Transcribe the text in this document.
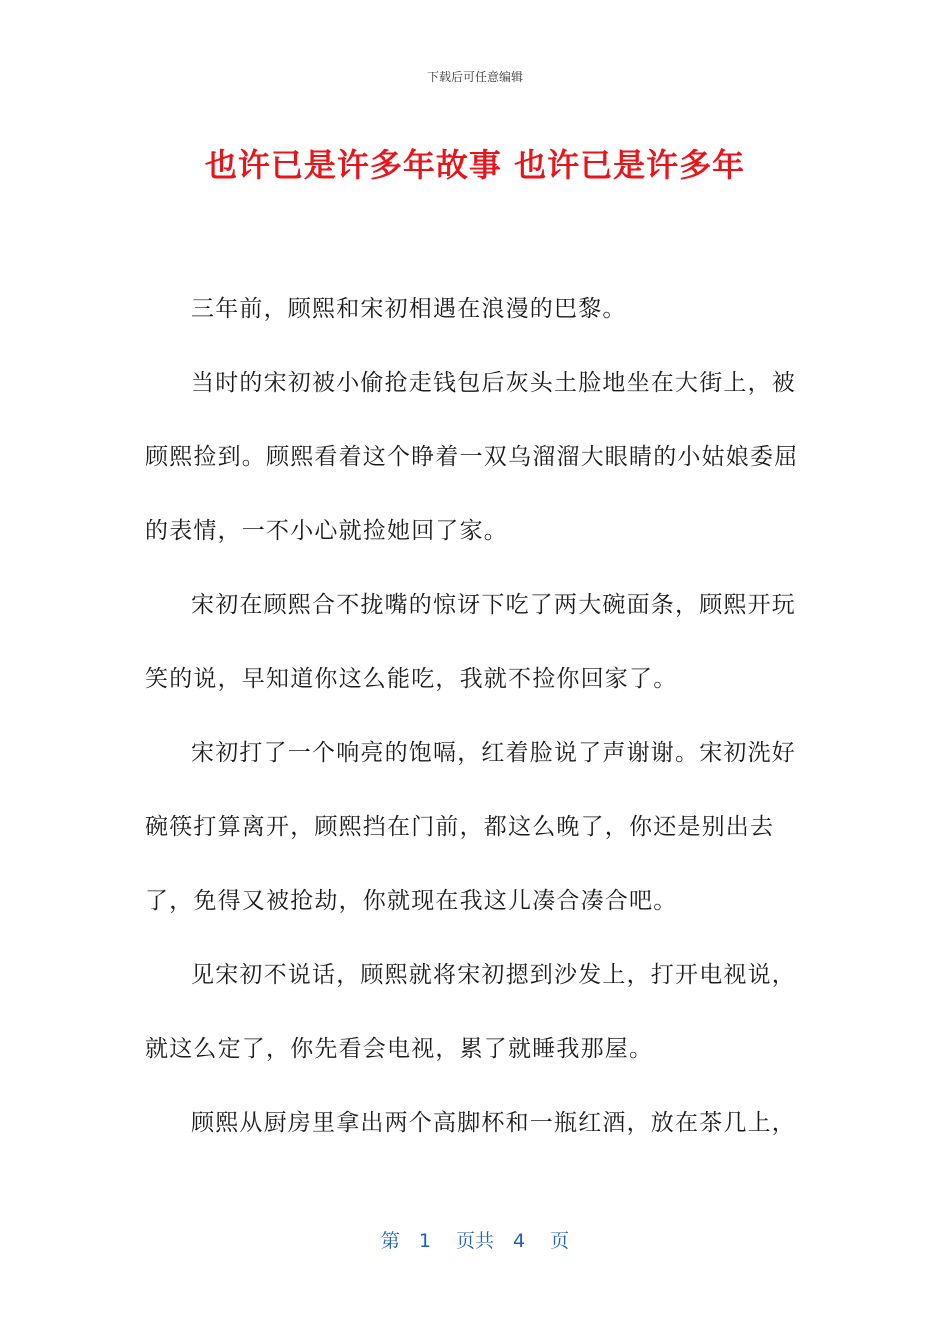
下载后可任意编辑
也许已是许多年故事 也许已是许多年

三年前，顾熙和宋初相遇在浪漫的巴黎。

当时的宋初被小偷抢走钱包后灰头土脸地坐在大街上，被顾熙捡到。顾熙看着这个睁着一双乌溜溜大眼睛的小姑娘委屈的表情，一不小心就捡她回了家。

宋初在顾熙合不拢嘴的惊讶下吃了两大碗面条，顾熙开玩笑的说，早知道你这么能吃，我就不捡你回家了。

宋初打了一个响亮的饱嗝，红着脸说了声谢谢。宋初洗好碗筷打算离开，顾熙挡在门前，都这么晚了，你还是别出去了，免得又被抢劫，你就现在我这儿凑合凑合吧。

见宋初不说话，顾熙就将宋初摁到沙发上，打开电视说，就这么定了，你先看会电视，累了就睡我那屋。

顾熙从厨房里拿出两个高脚杯和一瓶红酒，放在茶几上，

第　1　 页共　4　 页
